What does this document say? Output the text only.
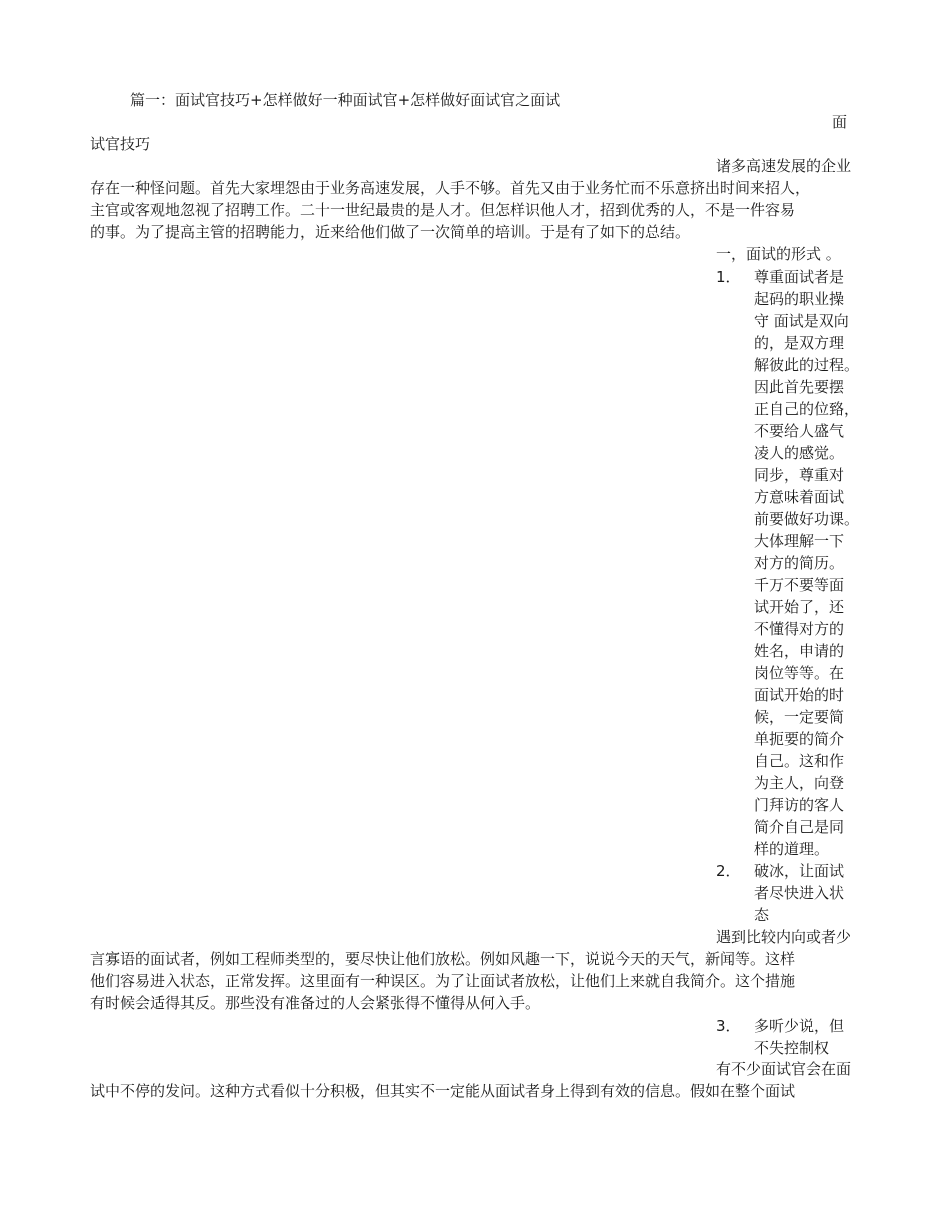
篇一：面试官技巧+怎样做好一种面试官+怎样做好面试官之面试
面
试官技巧
诸多高速发展的企业
存在一种怪问题。首先大家埋怨由于业务高速发展，人手不够。首先又由于业务忙而不乐意挤出时间来招人，
主官或客观地忽视了招聘工作。二十一世纪最贵的是人才。但怎样识他人才，招到优秀的人，不是一件容易
的事。为了提高主管的招聘能力，近来给他们做了一次简单的培训。于是有了如下的总结。
一，面试的形式 。
1． 尊重面试者是
起码的职业操
守 面试是双向
的，是双方理
解彼此的过程。
因此首先要摆
正自己的位臵，
不要给人盛气
凌人的感觉。
同步，尊重对
方意味着面试
前要做好功课。
大体理解一下
对方的简历。
千万不要等面
试开始了，还
不懂得对方的
姓名，申请的
岗位等等。在
面试开始的时
候，一定要简
单扼要的简介
自己。这和作
为主人，向登
门拜访的客人
简介自己是同
样的道理。
2． 破冰，让面试
者尽快进入状
态
遇到比较内向或者少
言寡语的面试者，例如工程师类型的，要尽快让他们放松。例如风趣一下，说说今天的天气，新闻等。这样
他们容易进入状态，正常发挥。这里面有一种误区。为了让面试者放松，让他们上来就自我简介。这个措施
有时候会适得其反。那些没有准备过的人会紧张得不懂得从何入手。
3． 多听少说，但
不失控制权
有不少面试官会在面
试中不停的发问。这种方式看似十分积极，但其实不一定能从面试者身上得到有效的信息。假如在整个面试
